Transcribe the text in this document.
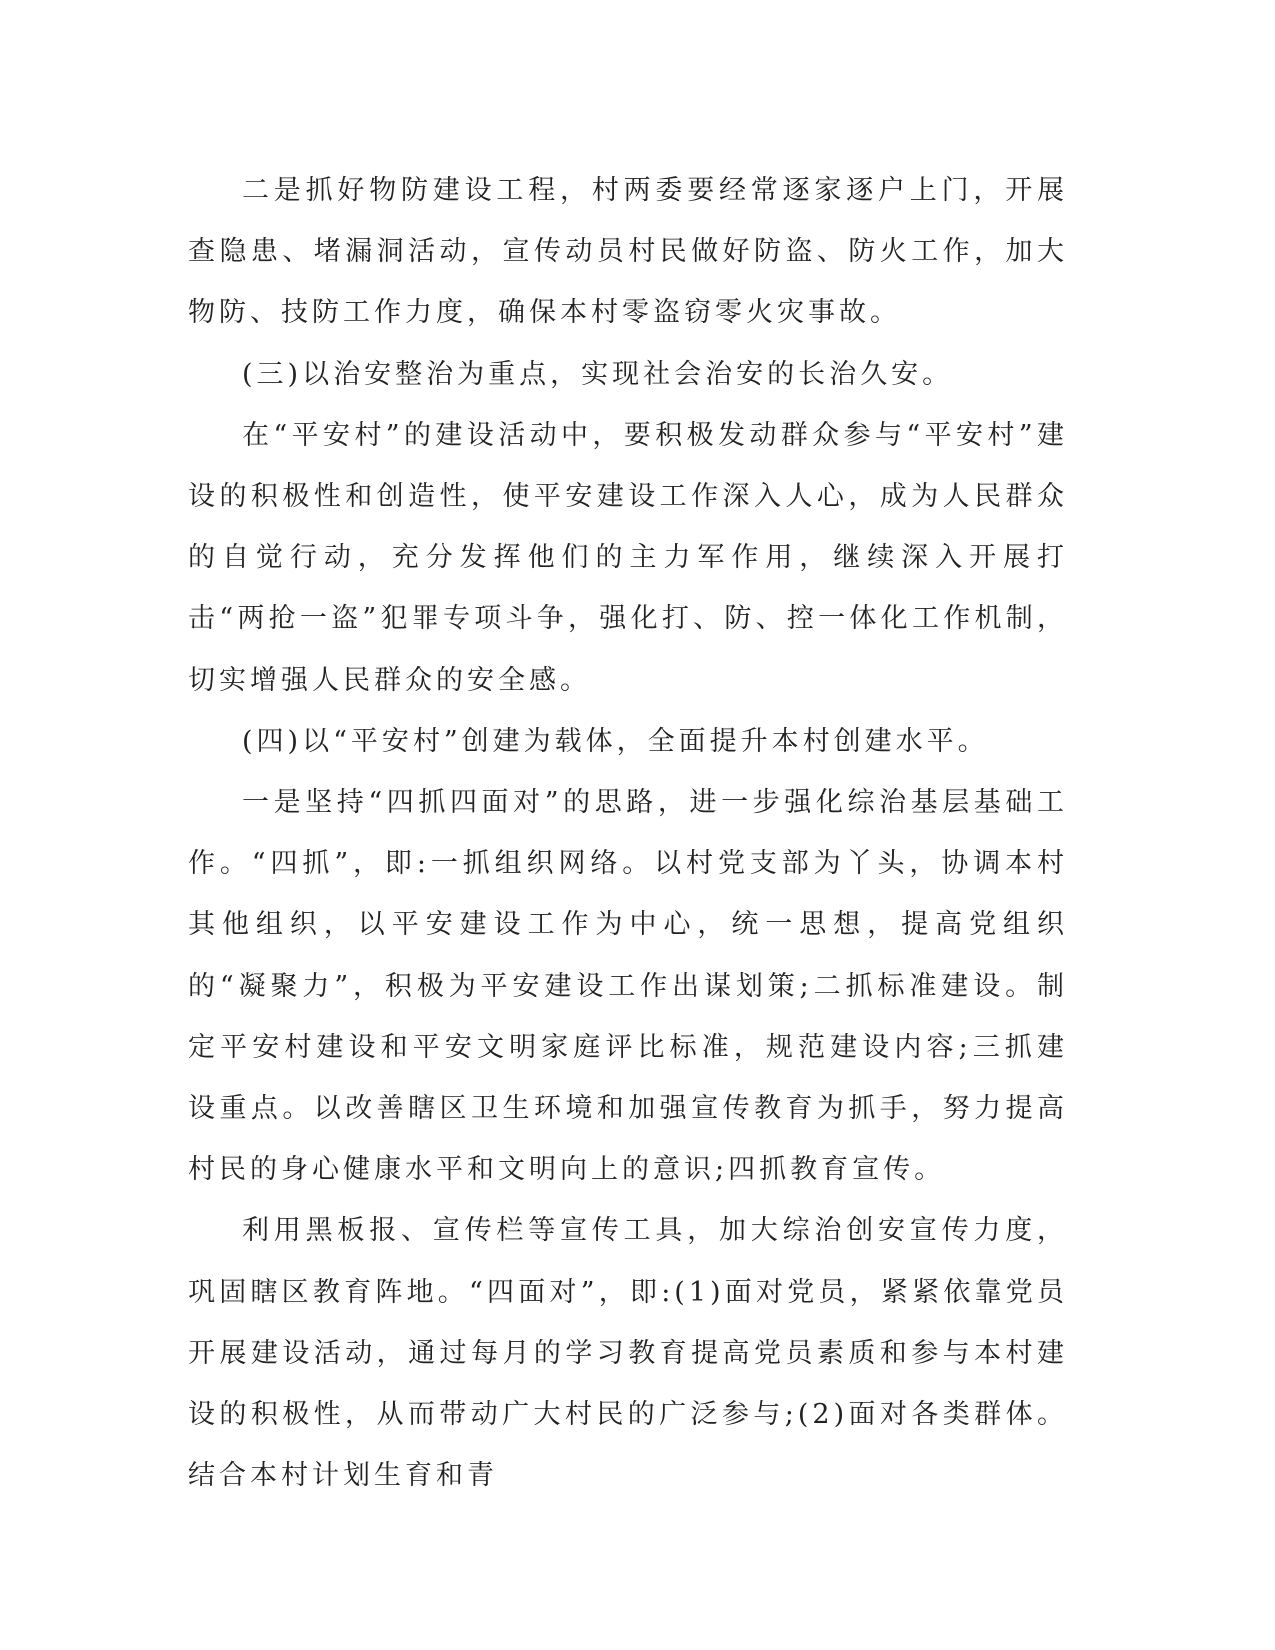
二是抓好物防建设工程，村两委要经常逐家逐户上门，开展查隐患、堵漏洞活动，宣传动员村民做好防盗、防火工作，加大物防、技防工作力度，确保本村零盗窃零火灾事故。

(三)以治安整治为重点，实现社会治安的长治久安。

在“平安村”的建设活动中，要积极发动群众参与“平安村”建设的积极性和创造性，使平安建设工作深入人心，成为人民群众的自觉行动，充分发挥他们的主力军作用，继续深入开展打击“两抢一盗”犯罪专项斗争，强化打、防、控一体化工作机制，切实增强人民群众的安全感。

(四)以“平安村”创建为载体，全面提升本村创建水平。

一是坚持“四抓四面对”的思路，进一步强化综治基层基础工作。“四抓”，即:一抓组织网络。以村党支部为丫头，协调本村其他组织，以平安建设工作为中心，统一思想，提高党组织的“凝聚力”，积极为平安建设工作出谋划策;二抓标准建设。制定平安村建设和平安文明家庭评比标准，规范建设内容;三抓建设重点。以改善瞎区卫生环境和加强宣传教育为抓手，努力提高村民的身心健康水平和文明向上的意识;四抓教育宣传。

利用黑板报、宣传栏等宣传工具，加大综治创安宣传力度，巩固瞎区教育阵地。“四面对”，即:(1)面对党员，紧紧依靠党员开展建设活动，通过每月的学习教育提高党员素质和参与本村建设的积极性，从而带动广大村民的广泛参与;(2)面对各类群体。结合本村计划生育和青
